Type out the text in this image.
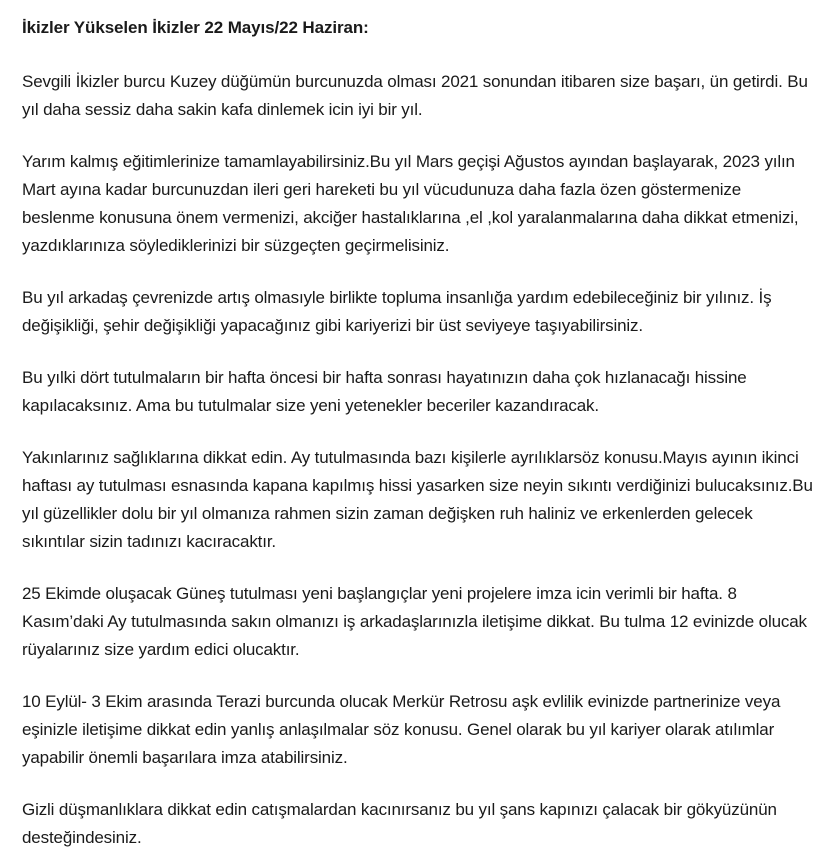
İkizler Yükselen İkizler 22 Mayıs/22 Haziran:

Sevgili İkizler burcu Kuzey düğümün burcunuzda olması 2021 sonundan itibaren size başarı, ün getirdi. Bu yıl daha sessiz daha sakin kafa dinlemek icin iyi bir yıl.

Yarım kalmış eğitimlerinize tamamlayabilirsiniz.Bu yıl Mars geçişi Ağustos ayından başlayarak, 2023 yılın Mart ayına kadar burcunuzdan ileri geri hareketi bu yıl vücudunuza daha fazla özen göstermenize beslenme konusuna önem vermenizi, akciğer hastalıklarına ,el ,kol yaralanmalarına daha dikkat etmenizi, yazdıklarınıza söylediklerinizi bir süzgeçten geçirmelisiniz.

Bu yıl arkadaş çevrenizde artış olmasıyle birlikte topluma insanlığa yardım edebileceğiniz bir yılınız. İş değişikliği, şehir değişikliği yapacağınız gibi kariyerizi bir üst seviyeye taşıyabilirsiniz.

Bu yılki dört tutulmaların bir hafta öncesi bir hafta sonrası hayatınızın daha çok hızlanacağı hissine kapılacaksınız. Ama bu tutulmalar size yeni yetenekler beceriler kazandıracak.

Yakınlarınız sağlıklarına dikkat edin. Ay tutulmasında bazı kişilerle ayrılıklarsöz konusu.Mayıs ayının ikinci haftası ay tutulması esnasında kapana kapılmış hissi yasarken size neyin sıkıntı verdiğinizi bulucaksınız.Bu yıl güzellikler dolu bir yıl olmanıza rahmen sizin zaman değişken ruh haliniz ve erkenlerden gelecek sıkıntılar sizin tadınızı kacıracaktır.

25 Ekimde oluşacak Güneş tutulması yeni başlangıçlar yeni projelere imza icin verimli bir hafta. 8 Kasım’daki Ay tutulmasında sakın olmanızı iş arkadaşlarınızla iletişime dikkat. Bu tulma 12 evinizde olucak rüyalarınız size yardım edici olucaktır.

10 Eylül- 3 Ekim arasında Terazi burcunda olucak Merkür Retrosu aşk evlilik evinizde partnerinize veya eşinizle iletişime dikkat edin yanlış anlaşılmalar söz konusu. Genel olarak bu yıl kariyer olarak atılımlar yapabilir önemli başarılara imza atabilirsiniz.

Gizli düşmanlıklara dikkat edin catışmalardan kacınırsanız bu yıl şans kapınızı çalacak bir gökyüzünün desteğindesiniz.
